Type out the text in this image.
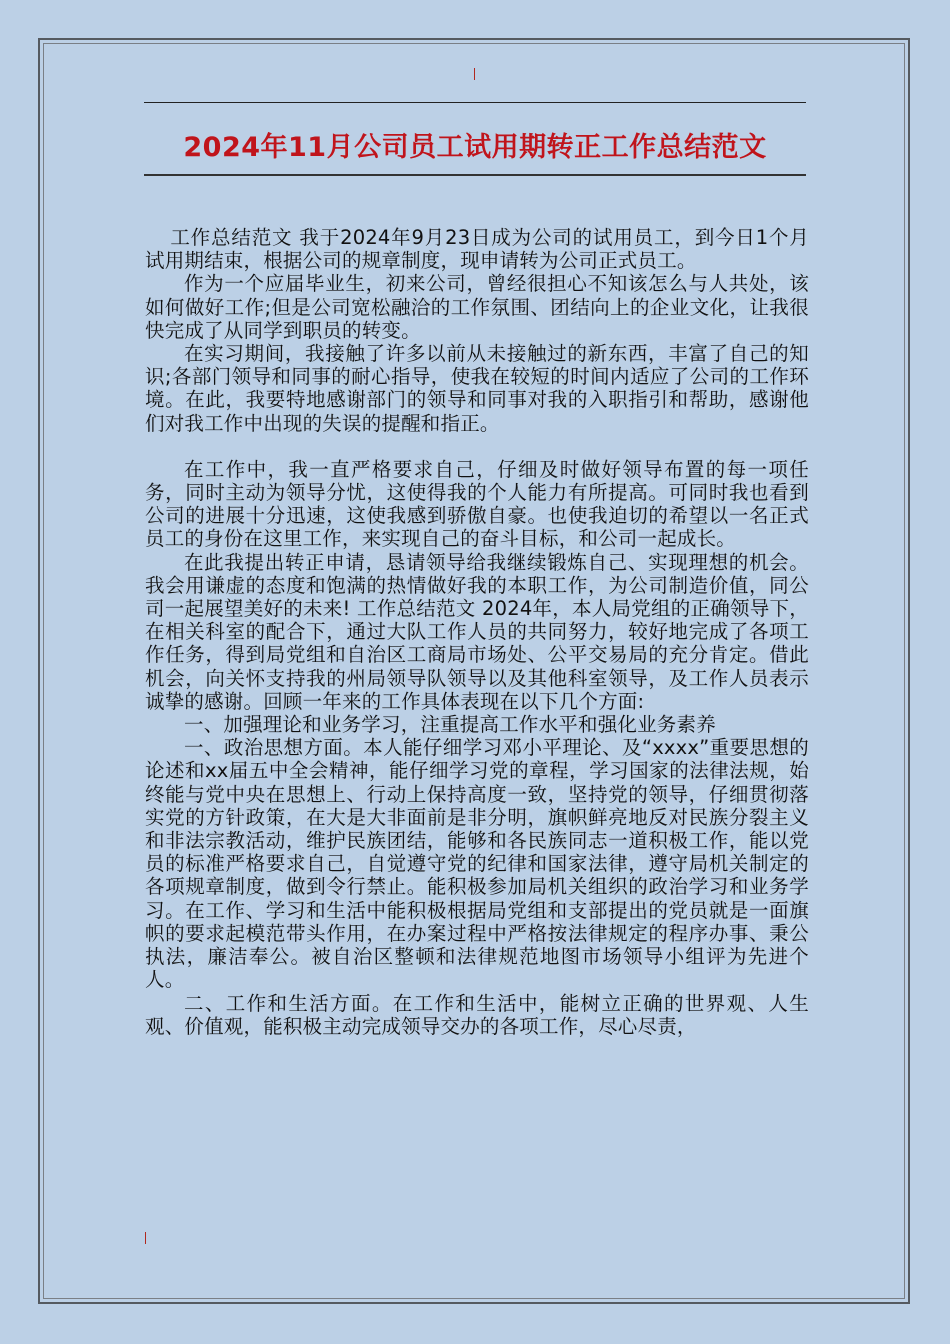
2024年11月公司员工试用期转正工作总结范文

工作总结范文 我于2024年9月23日成为公司的试用员工，到今日1个月试用期结束，根据公司的规章制度，现申请转为公司正式员工。

作为一个应届毕业生，初来公司，曾经很担心不知该怎么与人共处，该如何做好工作;但是公司宽松融洽的工作氛围、团结向上的企业文化，让我很快完成了从同学到职员的转变。

在实习期间，我接触了许多以前从未接触过的新东西，丰富了自己的知识;各部门领导和同事的耐心指导，使我在较短的时间内适应了公司的工作环境。在此，我要特地感谢部门的领导和同事对我的入职指引和帮助，感谢他们对我工作中出现的失误的提醒和指正。

在工作中，我一直严格要求自己，仔细及时做好领导布置的每一项任务，同时主动为领导分忧，这使得我的个人能力有所提高。可同时我也看到公司的进展十分迅速，这使我感到骄傲自豪。也使我迫切的希望以一名正式员工的身份在这里工作，来实现自己的奋斗目标，和公司一起成长。

在此我提出转正申请，恳请领导给我继续锻炼自己、实现理想的机会。我会用谦虚的态度和饱满的热情做好我的本职工作，为公司制造价值，同公司一起展望美好的未来! 工作总结范文 2024年，本人局党组的正确领导下，在相关科室的配合下，通过大队工作人员的共同努力，较好地完成了各项工作任务，得到局党组和自治区工商局市场处、公平交易局的充分肯定。借此机会，向关怀支持我的州局领导队领导以及其他科室领导，及工作人员表示诚挚的感谢。回顾一年来的工作具体表现在以下几个方面:

一、加强理论和业务学习，注重提高工作水平和强化业务素养

一、政治思想方面。本人能仔细学习邓小平理论、及“xxxx”重要思想的论述和xx届五中全会精神，能仔细学习党的章程，学习国家的法律法规，始终能与党中央在思想上、行动上保持高度一致，坚持党的领导，仔细贯彻落实党的方针政策，在大是大非面前是非分明，旗帜鲜亮地反对民族分裂主义和非法宗教活动，维护民族团结，能够和各民族同志一道积极工作，能以党员的标准严格要求自己，自觉遵守党的纪律和国家法律，遵守局机关制定的各项规章制度，做到令行禁止。能积极参加局机关组织的政治学习和业务学习。在工作、学习和生活中能积极根据局党组和支部提出的党员就是一面旗帜的要求起模范带头作用，在办案过程中严格按法律规定的程序办事、秉公执法，廉洁奉公。被自治区整顿和法律规范地图市场领导小组评为先进个人。

二、工作和生活方面。在工作和生活中，能树立正确的世界观、人生观、价值观，能积极主动完成领导交办的各项工作，尽心尽责，
